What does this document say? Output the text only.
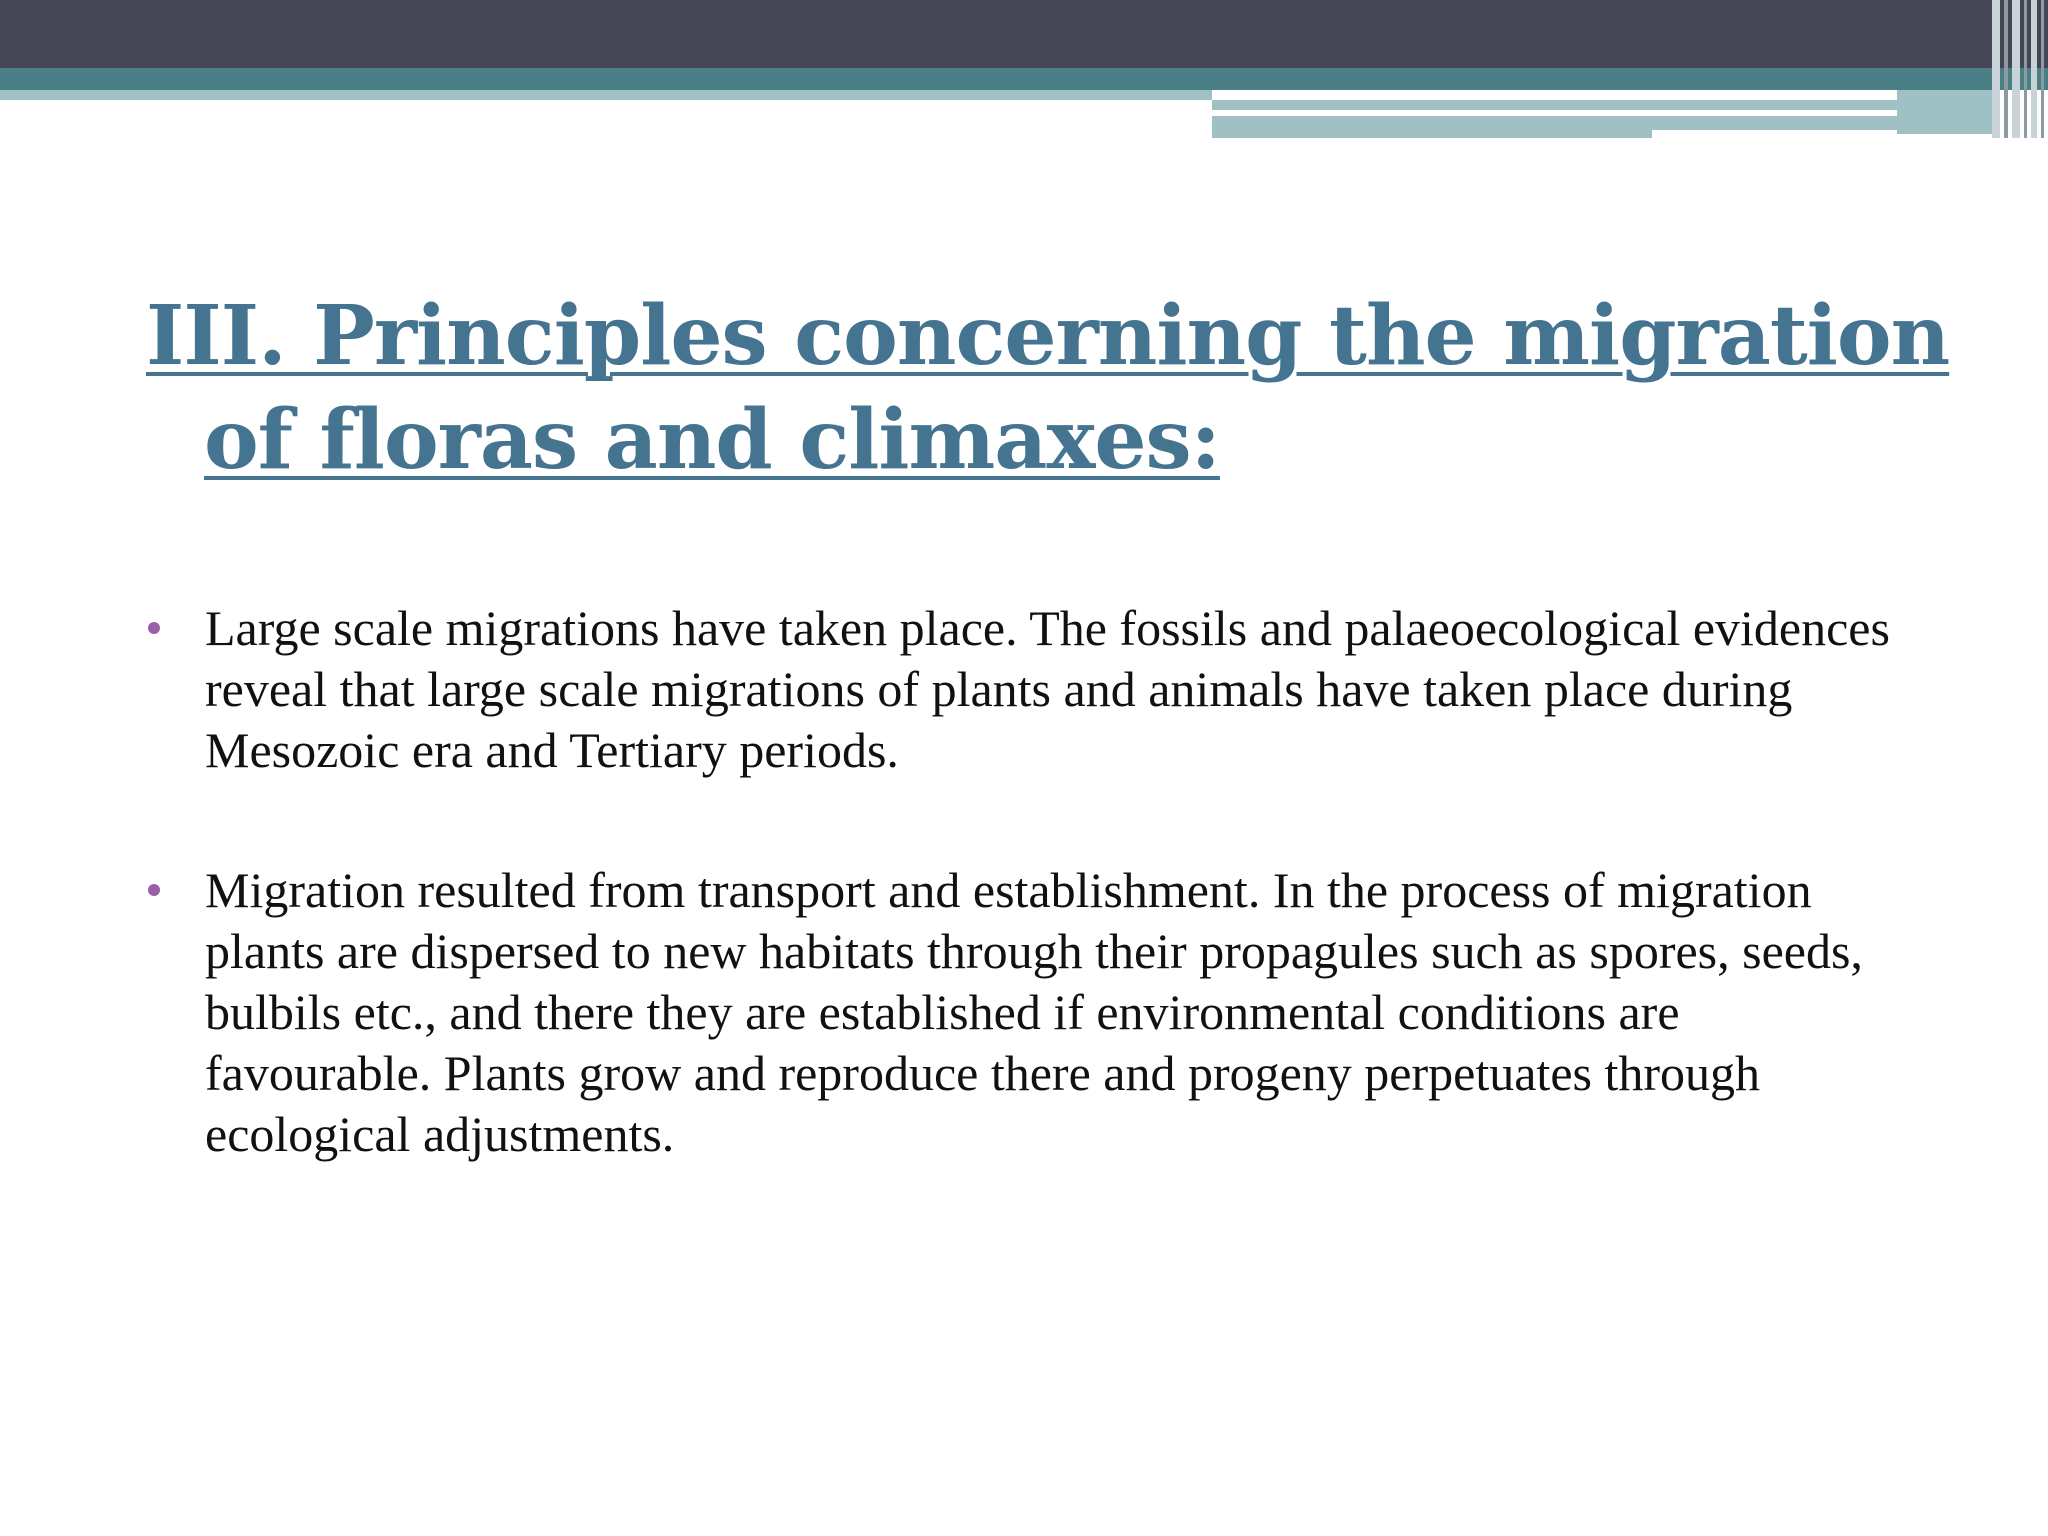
III. Principles concerning the migration of floras and climaxes:
Large scale migrations have taken place. The fossils and palaeoecological evidences reveal that large scale migrations of plants and animals have taken place during Mesozoic era and Tertiary periods.
Migration resulted from transport and establishment. In the process of migration plants are dispersed to new habitats through their propagules such as spores, seeds, bulbils etc., and there they are established if environmental conditions are favourable. Plants grow and reproduce there and progeny perpetuates through ecological adjustments.
